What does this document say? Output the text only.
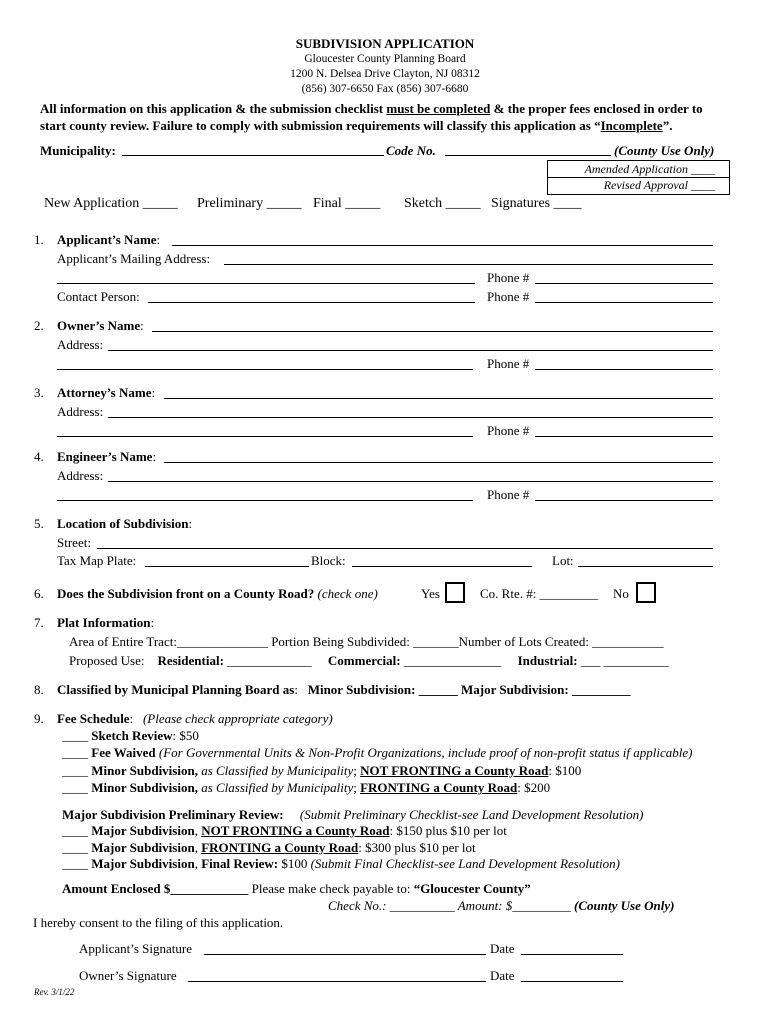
SUBDIVISION APPLICATION
Gloucester County Planning Board
1200 N. Delsea Drive Clayton, NJ 08312
(856) 307-6650 Fax (856) 307-6680
All information on this application & the submission checklist must be completed & the proper fees enclosed in order to
start county review. Failure to comply with submission requirements will classify this application as “Incomplete”.
Municipality:	Code No.	(County Use Only)
Amended Application ____
Revised Approval ____
New Application _____ Preliminary _____ Final _____ Sketch _____ Signatures ____
1. Applicant’s Name:
Applicant’s Mailing Address:
Phone #
Contact Person:	Phone #
2. Owner’s Name:
Address:
Phone #
3. Attorney’s Name:
Address:
Phone #
4. Engineer’s Name:
Address:
Phone #
5. Location of Subdivision:
Street:
Tax Map Plate:	Block:	Lot:
6. Does the Subdivision front on a County Road? (check one)	Yes	Co. Rte. #: _________ No
7. Plat Information:
Area of Entire Tract:______________ Portion Being Subdivided: _______Number of Lots Created: ___________
Proposed Use: Residential: _____________ Commercial: _______________ Industrial: ___ __________
8. Classified by Municipal Planning Board as:   Minor Subdivision: ______ Major Subdivision: _________
9. Fee Schedule:   (Please check appropriate category)
____ Sketch Review: $50
____ Fee Waived (For Governmental Units & Non-Profit Organizations, include proof of non-profit status if applicable)
____ Minor Subdivision, as Classified by Municipality; NOT FRONTING a County Road: $100
____ Minor Subdivision, as Classified by Municipality; FRONTING a County Road: $200
Major Subdivision Preliminary Review: (Submit Preliminary Checklist-see Land Development Resolution)
____ Major Subdivision, NOT FRONTING a County Road: $150 plus $10 per lot
____ Major Subdivision, FRONTING a County Road: $300 plus $10 per lot
____ Major Subdivision, Final Review: $100 (Submit Final Checklist-see Land Development Resolution)
Amount Enclosed $____________ Please make check payable to: “Gloucester County”
Check No.: __________ Amount: $_________ (County Use Only)
I hereby consent to the filing of this application.
Applicant’s Signature	Date
Owner’s Signature	Date
Rev. 3/1/22
